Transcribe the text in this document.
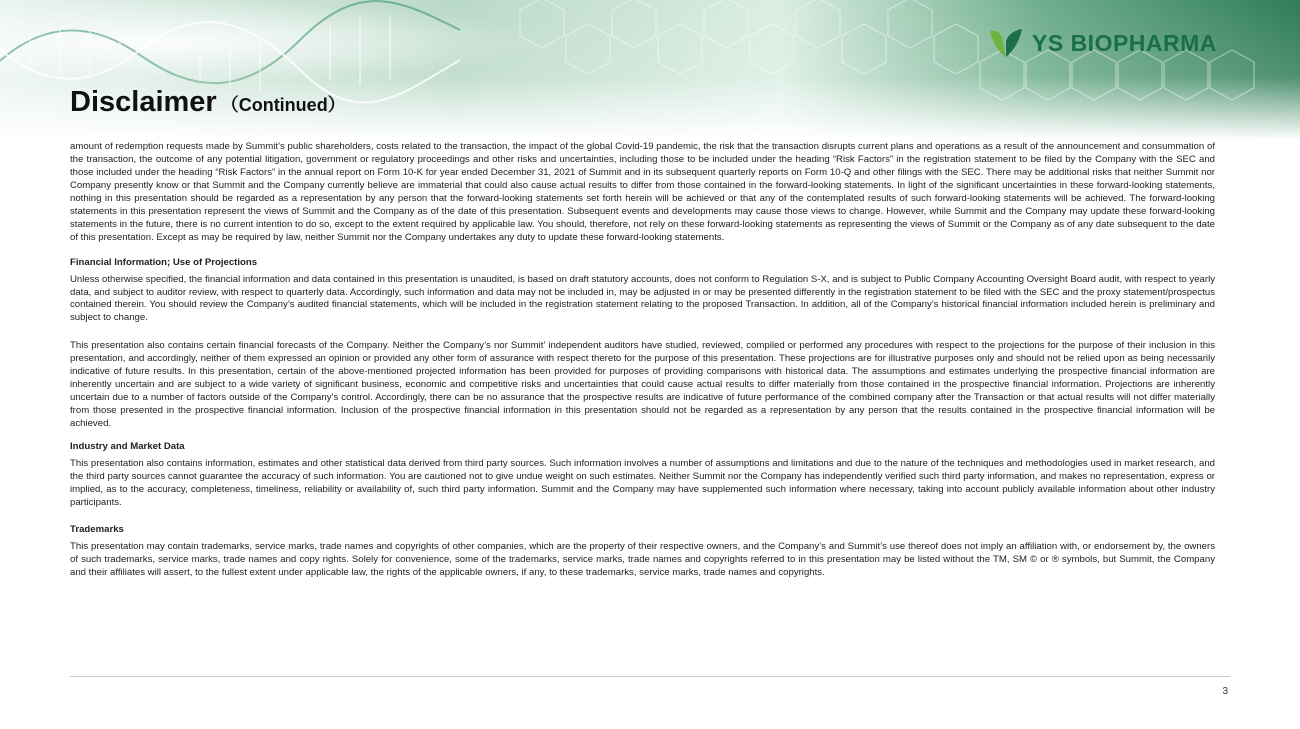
YS BIOPHARMA
Disclaimer （Continued）

amount of redemption requests made by Summit’s public shareholders, costs related to the transaction, the impact of the global Covid-19 pandemic, the risk that the transaction disrupts current plans and operations as a result of the announcement and consummation of the transaction, the outcome of any potential litigation, government or regulatory proceedings and other risks and uncertainties, including those to be included under the heading “Risk Factors” in the registration statement to be filed by the Company with the SEC and those included under the heading “Risk Factors” in the annual report on Form 10-K for year ended December 31, 2021 of Summit and in its subsequent quarterly reports on Form 10-Q and other filings with the SEC. There may be additional risks that neither Summit nor Company presently know or that Summit and the Company currently believe are immaterial that could also cause actual results to differ from those contained in the forward-looking statements. In light of the significant uncertainties in these forward-looking statements, nothing in this presentation should be regarded as a representation by any person that the forward-looking statements set forth herein will be achieved or that any of the contemplated results of such forward-looking statements will be achieved. The forward-looking statements in this presentation represent the views of Summit and the Company as of the date of this presentation. Subsequent events and developments may cause those views to change. However, while Summit and the Company may update these forward-looking statements in the future, there is no current intention to do so, except to the extent required by applicable law. You should, therefore, not rely on these forward-looking statements as representing the views of Summit or the Company as of any date subsequent to the date of this presentation. Except as may be required by law, neither Summit nor the Company undertakes any duty to update these forward-looking statements.

Financial Information; Use of Projections

Unless otherwise specified, the financial information and data contained in this presentation is unaudited, is based on draft statutory accounts, does not conform to Regulation S-X, and is subject to Public Company Accounting Oversight Board audit, with respect to yearly data, and subject to auditor review, with respect to quarterly data. Accordingly, such information and data may not be included in, may be adjusted in or may be presented differently in the registration statement to be filed with the SEC and the proxy statement/prospectus contained therein. You should review the Company’s audited financial statements, which will be included in the registration statement relating to the proposed Transaction. In addition, all of the Company’s historical financial information included herein is preliminary and subject to change.

This presentation also contains certain financial forecasts of the Company. Neither the Company’s nor Summit’ independent auditors have studied, reviewed, compiled or performed any procedures with respect to the projections for the purpose of their inclusion in this presentation, and accordingly, neither of them expressed an opinion or provided any other form of assurance with respect thereto for the purpose of this presentation. These projections are for illustrative purposes only and should not be relied upon as being necessarily indicative of future results. In this presentation, certain of the above-mentioned projected information has been provided for purposes of providing comparisons with historical data. The assumptions and estimates underlying the prospective financial information are inherently uncertain and are subject to a wide variety of significant business, economic and competitive risks and uncertainties that could cause actual results to differ materially from those contained in the prospective financial information. Projections are inherently uncertain due to a number of factors outside of the Company’s control. Accordingly, there can be no assurance that the prospective results are indicative of future performance of the combined company after the Transaction or that actual results will not differ materially from those presented in the prospective financial information. Inclusion of the prospective financial information in this presentation should not be regarded as a representation by any person that the results contained in the prospective financial information will be achieved.

Industry and Market Data

This presentation also contains information, estimates and other statistical data derived from third party sources. Such information involves a number of assumptions and limitations and due to the nature of the techniques and methodologies used in market research, and the third party sources cannot guarantee the accuracy of such information. You are cautioned not to give undue weight on such estimates. Neither Summit nor the Company has independently verified such third party information, and makes no representation, express or implied, as to the accuracy, completeness, timeliness, reliability or availability of, such third party information. Summit and the Company may have supplemented such information where necessary, taking into account publicly available information about other industry participants.

Trademarks

This presentation may contain trademarks, service marks, trade names and copyrights of other companies, which are the property of their respective owners, and the Company’s and Summit’s use thereof does not imply an affiliation with, or endorsement by, the owners of such trademarks, service marks, trade names and copy rights. Solely for convenience, some of the trademarks, service marks, trade names and copyrights referred to in this presentation may be listed without the TM, SM © or ® symbols, but Summit, the Company and their affiliates will assert, to the fullest extent under applicable law, the rights of the applicable owners, if any, to these trademarks, service marks, trade names and copyrights.

3
